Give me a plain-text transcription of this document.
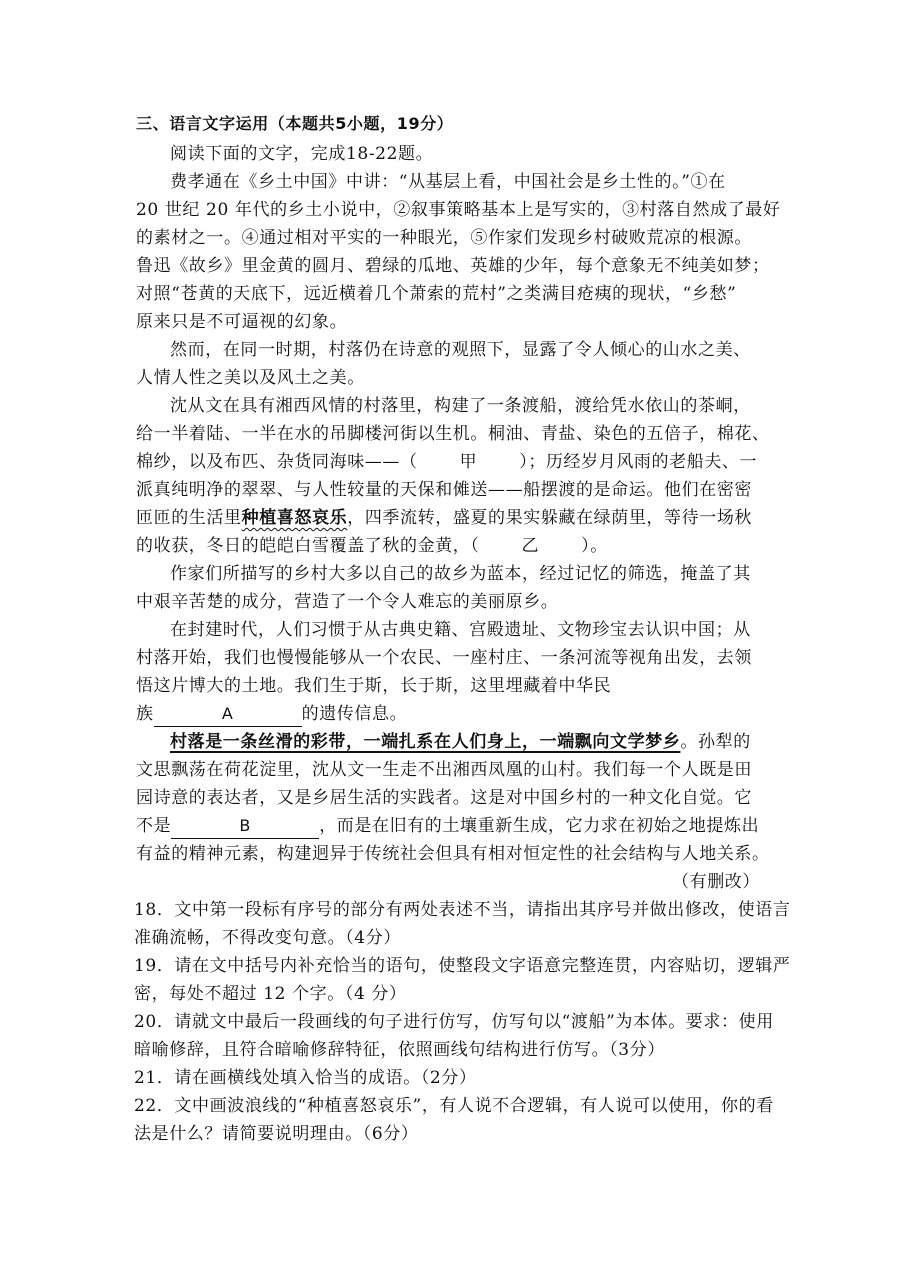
三、语言文字运用（本题共5小题，19分）
阅读下面的文字，完成18-22题。
费孝通在《乡土中国》中讲：“从基层上看，中国社会是乡土性的。”①在
20 世纪 20 年代的乡土小说中，②叙事策略基本上是写实的，③村落自然成了最好
的素材之一。④通过相对平实的一种眼光，⑤作家们发现乡村破败荒凉的根源。
鲁迅《故乡》里金黄的圆月、碧绿的瓜地、英雄的少年，每个意象无不纯美如梦；
对照“苍黄的天底下，远近横着几个萧索的荒村”之类满目疮痍的现状，“乡愁”
原来只是不可逼视的幻象。
然而，在同一时期，村落仍在诗意的观照下，显露了令人倾心的山水之美、
人情人性之美以及风土之美。
沈从文在具有湘西风情的村落里，构建了一条渡船，渡给凭水依山的茶峒，
给一半着陆、一半在水的吊脚楼河街以生机。桐油、青盐、染色的五倍子，棉花、
棉纱，以及布匹、杂货同海味——（ 甲 ）；历经岁月风雨的老船夫、一
派真纯明净的翠翠、与人性较量的天保和傩送——船摆渡的是命运。他们在密密
匝匝的生活里种植喜怒哀乐，四季流转，盛夏的果实躲藏在绿荫里，等待一场秋
的收获，冬日的皑皑白雪覆盖了秋的金黄，（ 乙 ）。
作家们所描写的乡村大多以自己的故乡为蓝本，经过记忆的筛选，掩盖了其
中艰辛苦楚的成分，营造了一个令人难忘的美丽原乡。
在封建时代，人们习惯于从古典史籍、宫殿遗址、文物珍宝去认识中国；从
村落开始，我们也慢慢能够从一个农民、一座村庄、一条河流等视角出发，去领
悟这片博大的土地。我们生于斯，长于斯，这里埋藏着中华民
族	A	的遗传信息。
村落是一条丝滑的彩带，一端扎系在人们身上，一端飘向文学梦乡。孙犁的
文思飘荡在荷花淀里，沈从文一生走不出湘西凤凰的山村。我们每一个人既是田
园诗意的表达者，又是乡居生活的实践者。这是对中国乡村的一种文化自觉。它
不是	B	，而是在旧有的土壤重新生成，它力求在初始之地提炼出
有益的精神元素，构建迥异于传统社会但具有相对恒定性的社会结构与人地关系。
（有删改）
18．文中第一段标有序号的部分有两处表述不当，请指出其序号并做出修改，使语言
准确流畅，不得改变句意。（4分）
19．请在文中括号内补充恰当的语句，使整段文字语意完整连贯，内容贴切，逻辑严
密，每处不超过 12 个字。（4 分）
20．请就文中最后一段画线的句子进行仿写，仿写句以“渡船”为本体。要求：使用
暗喻修辞，且符合暗喻修辞特征，依照画线句结构进行仿写。（3分）
21．请在画横线处填入恰当的成语。（2分）
22．文中画波浪线的“种植喜怒哀乐”，有人说不合逻辑，有人说可以使用，你的看
法是什么？请简要说明理由。（6分）
